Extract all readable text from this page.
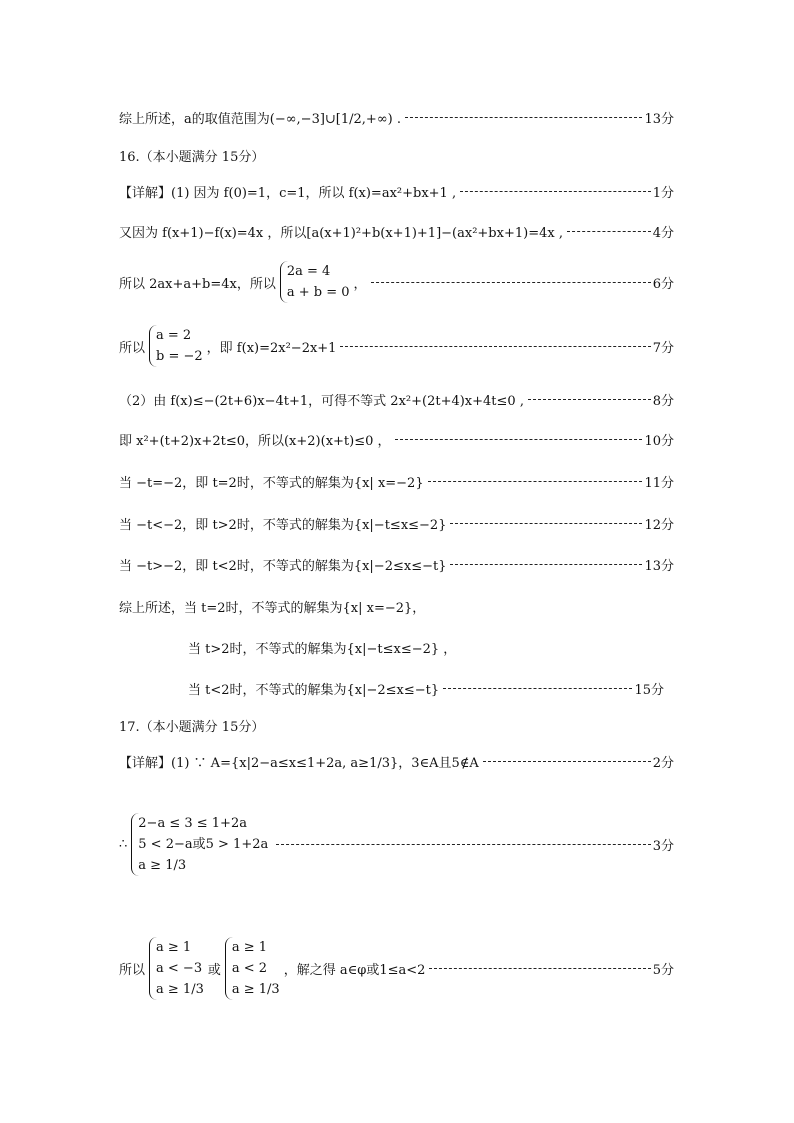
综上所述，a的取值范围为(−∞,−3]∪[1/2,+∞) .	13分
16.（本小题满分 15分）
【详解】(1) 因为 f(0)=1，c=1，所以 f(x)=ax²+bx+1 ,	1分
又因为 f(x+1)−f(x)=4x ，所以[a(x+1)²+b(x+1)+1]−(ax²+bx+1)=4x ,	4分
所以 2ax+a+b=4x，所以
2a = 4
a + b = 0
，	6分
所以
a = 2
b = −2
，即 f(x)=2x²−2x+1	7分
（2）由 f(x)≤−(2t+6)x−4t+1，可得不等式 2x²+(2t+4)x+4t≤0 ,	8分
即 x²+(t+2)x+2t≤0，所以(x+2)(x+t)≤0 ，	10分
当 −t=−2，即 t=2时，不等式的解集为{x| x=−2}	11分
当 −t<−2，即 t>2时，不等式的解集为{x|−t≤x≤−2}	12分
当 −t>−2，即 t<2时，不等式的解集为{x|−2≤x≤−t}	13分
综上所述，当 t=2时，不等式的解集为{x| x=−2}，
当 t>2时，不等式的解集为{x|−t≤x≤−2} ，
当 t<2时，不等式的解集为{x|−2≤x≤−t}	15分
17.（本小题满分 15分）
【详解】(1) ∵ A={x|2−a≤x≤1+2a, a≥1/3}，3∈A且5∉A	2分
∴
2−a ≤ 3 ≤ 1+2a
5 < 2−a或5 > 1+2a
a ≥ 1/3
3分
所以
a ≥ 1
a < −3
a ≥ 1/3
或
a ≥ 1
a < 2
a ≥ 1/3
，解之得 a∈φ或1≤a<2	5分
